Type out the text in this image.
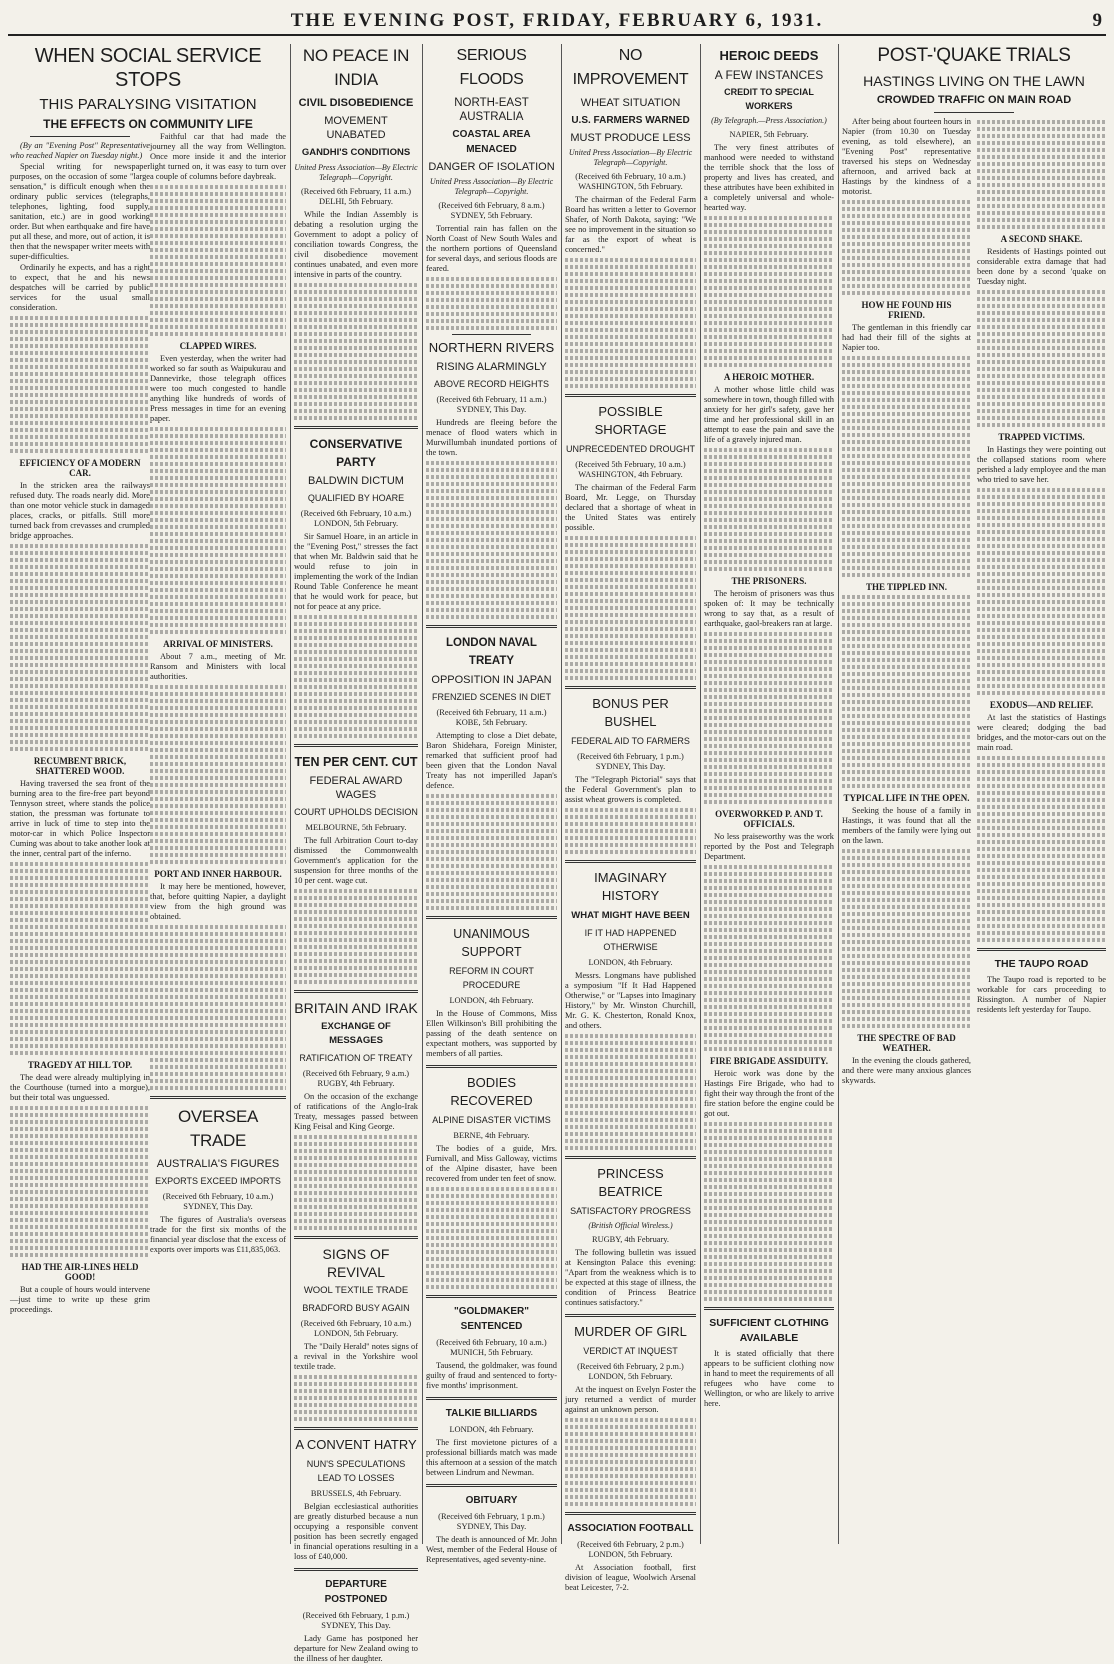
THE EVENING POST, FRIDAY, FEBRUARY 6, 1931.	9
WHEN SOCIAL SERVICE STOPS
THIS PARALYSING VISITATION
THE EFFECTS ON COMMUNITY LIFE

(By an "Evening Post" Representative who reached Napier on Tuesday night.)

Special writing for newspaper purposes, on the occasion of some "large sensation," is difficult enough when the ordinary public services (telegraphs, telephones, lighting, food supply, sanitation, etc.) are in good working order. But when earthquake and fire have put all these, and more, out of action, it is then that the newspaper writer meets with super-difficulties.

Ordinarily he expects, and has a right to expect, that he and his news despatches will be carried by public services for the usual small consideration.

EFFICIENCY OF A MODERN CAR.

In the stricken area the railways refused duty. The roads nearly did. More than one motor vehicle stuck in damaged places, cracks, or pitfalls. Still more turned back from crevasses and crumpled bridge approaches.

RECUMBENT BRICK, SHATTERED WOOD.

Having traversed the sea front of the burning area to the fire-free part beyond Tennyson street, where stands the police station, the pressman was fortunate to arrive in luck of time to step into the motor-car in which Police Inspector Cuming was about to take another look at the inner, central part of the inferno.

TRAGEDY AT HILL TOP.

The dead were already multiplying in the Courthouse (turned into a morgue), but their total was unguessed.

HAD THE AIR-LINES HELD GOOD!

But a couple of hours would intervene—just time to write up these grim proceedings.

Faithful car that had made the journey all the way from Wellington. Once more inside it and the interior light turned on, it was easy to turn over a couple of columns before daybreak.

CLAPPED WIRES.

Even yesterday, when the writer had worked so far south as Waipukurau and Dannevirke, those telegraph offices were too much congested to handle anything like hundreds of words of Press messages in time for an evening paper.

ARRIVAL OF MINISTERS.

About 7 a.m., meeting of Mr. Ransom and Ministers with local authorities.

PORT AND INNER HARBOUR.

It may here be mentioned, however, that, before quitting Napier, a daylight view from the high ground was obtained.

OVERSEA TRADE
AUSTRALIA'S FIGURES
EXPORTS EXCEED IMPORTS
(Received 6th February, 10 a.m.) SYDNEY, This Day.

The figures of Australia's overseas trade for the first six months of the financial year disclose that the excess of exports over imports was £11,835,063.

NO PEACE IN INDIA
CIVIL DISOBEDIENCE
MOVEMENT UNABATED
GANDHI'S CONDITIONS
United Press Association—By Electric Telegraph—Copyright.
(Received 6th February, 11 a.m.) DELHI, 5th February.

While the Indian Assembly is debating a resolution urging the Government to adopt a policy of conciliation towards Congress, the civil disobedience movement continues unabated, and even more intensive in parts of the country.

CONSERVATIVE PARTY
BALDWIN DICTUM
QUALIFIED BY HOARE
(Received 6th February, 10 a.m.) LONDON, 5th February.

Sir Samuel Hoare, in an article in the "Evening Post," stresses the fact that when Mr. Baldwin said that he would refuse to join in implementing the work of the Indian Round Table Conference he meant that he would work for peace, but not for peace at any price.

TEN PER CENT. CUT
FEDERAL AWARD WAGES
COURT UPHOLDS DECISION
MELBOURNE, 5th February.

The full Arbitration Court to-day dismissed the Commonwealth Government's application for the suspension for three months of the 10 per cent. wage cut.

BRITAIN AND IRAK
EXCHANGE OF MESSAGES
RATIFICATION OF TREATY
(Received 6th February, 9 a.m.) RUGBY, 4th February.

On the occasion of the exchange of ratifications of the Anglo-Irak Treaty, messages passed between King Feisal and King George.

SIGNS OF REVIVAL
WOOL TEXTILE TRADE
BRADFORD BUSY AGAIN
(Received 6th February, 10 a.m.) LONDON, 5th February.

The "Daily Herald" notes signs of a revival in the Yorkshire wool textile trade.

A CONVENT HATRY
NUN'S SPECULATIONS LEAD TO LOSSES
BRUSSELS, 4th February.

Belgian ecclesiastical authorities are greatly disturbed because a nun occupying a responsible convent position has been secretly engaged in financial operations resulting in a loss of £40,000.

DEPARTURE POSTPONED
(Received 6th February, 1 p.m.) SYDNEY, This Day.

Lady Game has postponed her departure for New Zealand owing to the illness of her daughter.

SERIOUS FLOODS
NORTH-EAST AUSTRALIA
COASTAL AREA MENACED
DANGER OF ISOLATION
United Press Association—By Electric Telegraph—Copyright.
(Received 6th February, 8 a.m.) SYDNEY, 5th February.

Torrential rain has fallen on the North Coast of New South Wales and the northern portions of Queensland for several days, and serious floods are feared.

NORTHERN RIVERS
RISING ALARMINGLY
ABOVE RECORD HEIGHTS
(Received 6th February, 11 a.m.) SYDNEY, This Day.

Hundreds are fleeing before the menace of flood waters which in Murwillumbah inundated portions of the town.

LONDON NAVAL TREATY
OPPOSITION IN JAPAN
FRENZIED SCENES IN DIET
(Received 6th February, 11 a.m.) KOBE, 5th February.

Attempting to close a Diet debate, Baron Shidehara, Foreign Minister, remarked that sufficient proof had been given that the London Naval Treaty has not imperilled Japan's defence.

UNANIMOUS SUPPORT
REFORM IN COURT PROCEDURE
LONDON, 4th February.

In the House of Commons, Miss Ellen Wilkinson's Bill prohibiting the passing of the death sentence on expectant mothers, was supported by members of all parties.

BODIES RECOVERED
ALPINE DISASTER VICTIMS
BERNE, 4th February.

The bodies of a guide, Mrs. Furnivall, and Miss Galloway, victims of the Alpine disaster, have been recovered from under ten feet of snow.

"GOLDMAKER" SENTENCED
(Received 6th February, 10 a.m.) MUNICH, 5th February.

Tausend, the goldmaker, was found guilty of fraud and sentenced to forty-five months' imprisonment.

TALKIE BILLIARDS
LONDON, 4th February.

The first movietone pictures of a professional billiards match was made this afternoon at a session of the match between Lindrum and Newman.

OBITUARY
(Received 6th February, 1 p.m.) SYDNEY, This Day.

The death is announced of Mr. John West, member of the Federal House of Representatives, aged seventy-nine.

NO IMPROVEMENT
WHEAT SITUATION
U.S. FARMERS WARNED
MUST PRODUCE LESS
United Press Association—By Electric Telegraph—Copyright.
(Received 6th February, 10 a.m.) WASHINGTON, 5th February.

The chairman of the Federal Farm Board has written a letter to Governor Shafer, of North Dakota, saying: "We see no improvement in the situation so far as the export of wheat is concerned."

POSSIBLE SHORTAGE
UNPRECEDENTED DROUGHT
(Received 5th February, 10 a.m.) WASHINGTON, 4th February.

The chairman of the Federal Farm Board, Mr. Legge, on Thursday declared that a shortage of wheat in the United States was entirely possible.

BONUS PER BUSHEL
FEDERAL AID TO FARMERS
(Received 6th February, 1 p.m.) SYDNEY, This Day.

The "Telegraph Pictorial" says that the Federal Government's plan to assist wheat growers is completed.

IMAGINARY HISTORY
WHAT MIGHT HAVE BEEN
IF IT HAD HAPPENED OTHERWISE
LONDON, 4th February.

Messrs. Longmans have published a symposium "If It Had Happened Otherwise," or "Lapses into Imaginary History," by Mr. Winston Churchill, Mr. G. K. Chesterton, Ronald Knox, and others.

PRINCESS BEATRICE
SATISFACTORY PROGRESS
(British Official Wireless.)
RUGBY, 4th February.

The following bulletin was issued at Kensington Palace this evening: "Apart from the weakness which is to be expected at this stage of illness, the condition of Princess Beatrice continues satisfactory."

MURDER OF GIRL
VERDICT AT INQUEST
(Received 6th February, 2 p.m.) LONDON, 5th February.

At the inquest on Evelyn Foster the jury returned a verdict of murder against an unknown person.

ASSOCIATION FOOTBALL
(Received 6th February, 2 p.m.) LONDON, 5th February.

At Association football, first division of league, Woolwich Arsenal beat Leicester, 7-2.

HEROIC DEEDS
A FEW INSTANCES
CREDIT TO SPECIAL WORKERS
(By Telegraph.—Press Association.)
NAPIER, 5th February.

The very finest attributes of manhood were needed to withstand the terrible shock that the loss of property and lives has created, and these attributes have been exhibited in a completely universal and whole-hearted way.

A HEROIC MOTHER.

A mother whose little child was somewhere in town, though filled with anxiety for her girl's safety, gave her time and her professional skill in an attempt to ease the pain and save the life of a gravely injured man.

THE PRISONERS.

The heroism of prisoners was thus spoken of: It may be technically wrong to say that, as a result of earthquake, gaol-breakers ran at large.

OVERWORKED P. AND T. OFFICIALS.

No less praiseworthy was the work reported by the Post and Telegraph Department.

FIRE BRIGADE ASSIDUITY.

Heroic work was done by the Hastings Fire Brigade, who had to fight their way through the front of the fire station before the engine could be got out.

SUFFICIENT CLOTHING AVAILABLE

It is stated officially that there appears to be sufficient clothing now in hand to meet the requirements of all refugees who have come to Wellington, or who are likely to arrive here.

POST-'QUAKE TRIALS
HASTINGS LIVING ON THE LAWN
CROWDED TRAFFIC ON MAIN ROAD

After being about fourteen hours in Napier (from 10.30 on Tuesday evening, as told elsewhere), an "Evening Post" representative traversed his steps on Wednesday afternoon, and arrived back at Hastings by the kindness of a motorist.

HOW HE FOUND HIS FRIEND.

The gentleman in this friendly car had had their fill of the sights at Napier too.

THE TIPPLED INN.
TYPICAL LIFE IN THE OPEN.

Seeking the house of a family in Hastings, it was found that all the members of the family were lying out on the lawn.

THE SPECTRE OF BAD WEATHER.

In the evening the clouds gathered, and there were many anxious glances skywards.

A SECOND SHAKE.

Residents of Hastings pointed out considerable extra damage that had been done by a second 'quake on Tuesday night.

TRAPPED VICTIMS.

In Hastings they were pointing out the collapsed stations room where perished a lady employee and the man who tried to save her.

EXODUS—AND RELIEF.

At last the statistics of Hastings were cleared; dodging the bad bridges, and the motor-cars out on the main road.

THE TAUPO ROAD

The Taupo road is reported to be workable for cars proceeding to Rissington. A number of Napier residents left yesterday for Taupo.
